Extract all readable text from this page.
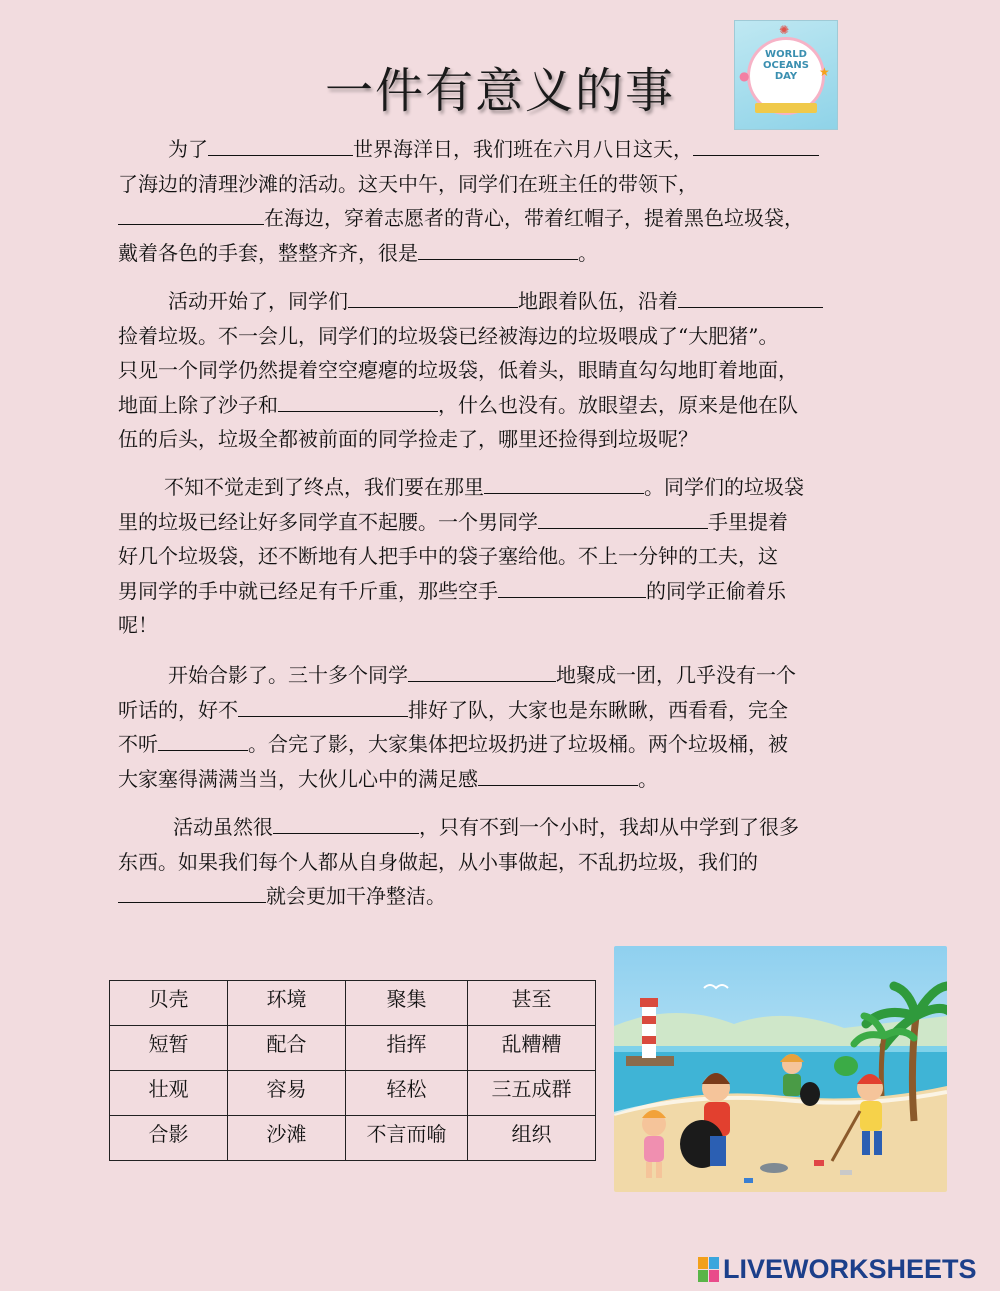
一件有意义的事
✺
WORLD
OCEANS
DAY	★
●
为了	世界海洋日，我们班在六月八日这天，
了海边的清理沙滩的活动。这天中午，同学们在班主任的带领下，
在海边，穿着志愿者的背心，带着红帽子，提着黑色垃圾袋，
戴着各色的手套，整整齐齐，很是	。
活动开始了，同学们	地跟着队伍，沿着
捡着垃圾。不一会儿，同学们的垃圾袋已经被海边的垃圾喂成了“大肥猪”。
只见一个同学仍然提着空空瘪瘪的垃圾袋，低着头，眼睛直勾勾地盯着地面，
地面上除了沙子和	，什么也没有。放眼望去，原来是他在队
伍的后头，垃圾全都被前面的同学捡走了，哪里还捡得到垃圾呢？
不知不觉走到了终点，我们要在那里	。同学们的垃圾袋
里的垃圾已经让好多同学直不起腰。一个男同学	手里提着
好几个垃圾袋，还不断地有人把手中的袋子塞给他。不上一分钟的工夫，这
男同学的手中就已经足有千斤重，那些空手	的同学正偷着乐
呢！
开始合影了。三十多个同学	地聚成一团，几乎没有一个
听话的，好不	排好了队，大家也是东瞅瞅，西看看，完全
不听	。合完了影，大家集体把垃圾扔进了垃圾桶。两个垃圾桶，被
大家塞得满满当当，大伙儿心中的满足感	。
活动虽然很	，只有不到一个小时，我却从中学到了很多
东西。如果我们每个人都从自身做起，从小事做起，不乱扔垃圾，我们的
就会更加干净整洁。
贝壳	环境	聚集	甚至
短暂	配合	指挥	乱糟糟
壮观	容易	轻松	三五成群
合影	沙滩	不言而喻	组织
LIVEWORKSHEETS
